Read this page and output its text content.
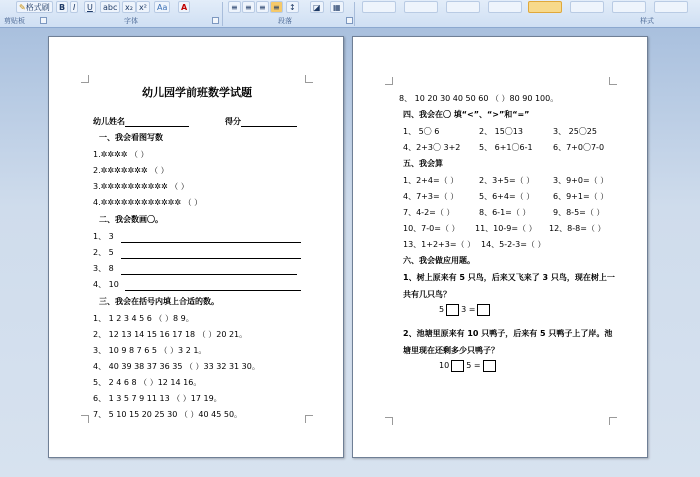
✎格式刷	B I	U	abc x₂ x²	Aa	A	≡ ≡ ≡ ≡	↕	◪	▦
剪贴板	字体	段落	样式
幼儿园学前班数学试题
幼儿姓名	得分
一、我会看图写数
1.✲✲✲✲ （ ）
2.✲✲✲✲✲✲✲ （ ）
3.✲✲✲✲✲✲✲✲✲✲ （ ）
4.✲✲✲✲✲✲✲✲✲✲✲✲ （ ）
二、我会数画〇。
1、 3
2、 5
3、 8
4、 10
三、我会在括号内填上合适的数。
1、 1 2 3 4 5 6 （ ）8 9。
2、 12 13 14 15 16 17 18 （ ）20 21。
3、 10 9 8 7 6 5 （ ）3 2 1。
4、 40 39 38 37 36 35 （ ）33 32 31 30。
5、 2 4 6 8 （ ）12 14 16。
6、 1 3 5 7 9 11 13 （ ）17 19。
7、 5 10 15 20 25 30 （ ）40 45 50。
8、 10 20 30 40 50 60 （ ）80 90 100。
四、我会在〇 填“<”、“>”和“=”
1、 5〇 6	2、 15〇13	3、 25〇25
4、2+3〇 3+2 5、 6+1〇6-1	6、7+0〇7-0
五、我会算
1、2+4=（ ）	2、3+5=（ ） 3、9+0=（ ）
4、7+3=（ ）	5、6+4=（ ） 6、9+1=（ ）
7、4-2=（ ）	8、6-1=（ ）	9、8-5=（ ）
10、7-0=（ ） 11、10-9=（ ） 12、8-8=（ ）
13、1+2+3=（ ） 14、5-2-3=（ ）
六、我会做应用题。
1、树上原来有 5 只鸟，后来又飞来了 3 只鸟，现在树上一
共有几只鸟？
5 3 =
2、池塘里原来有 10 只鸭子，后来有 5 只鸭子上了岸。池
塘里现在还剩多少只鸭子？
10 5 =
